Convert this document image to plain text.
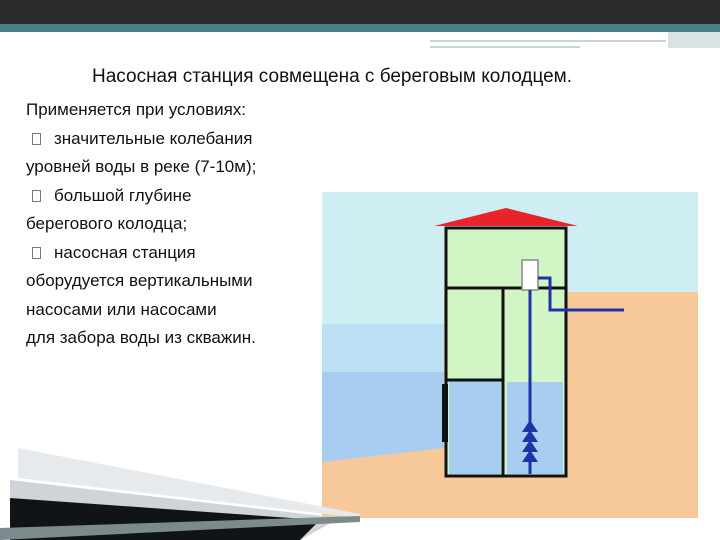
Насосная станция совмещена с береговым колодцем.
Применяется при условиях:
значительные колебания
уровней воды в реке (7-10м);
большой глубине
берегового колодца;
насосная станция
оборудуется вертикальными
насосами или насосами
для забора воды из скважин.
